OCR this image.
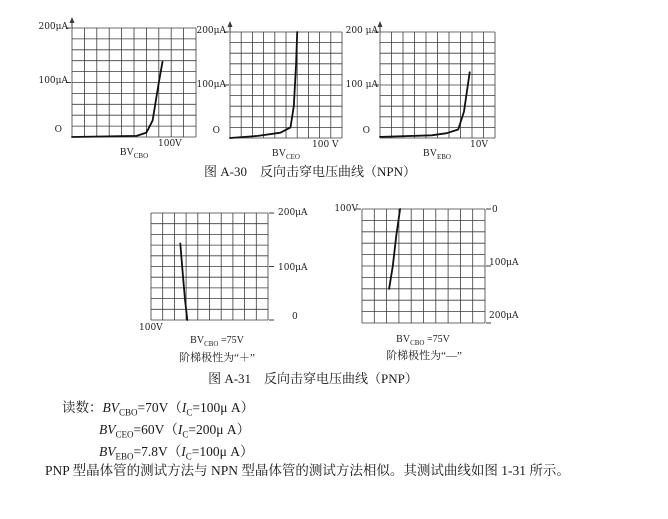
200μA
100μA
O
100V
$BV_{CBO}$
200μA
100μA
O
100 V
$BV_{CEO}$
200 μA
100 μA
O
10V
$BV_{EBO}$
图 A-30　反向击穿电压曲线（NPN）
200μA
100μA
0
100V
$BV_{CBO} =75V$
阶梯极性为“＋”
100V	0
100μA
200μA
$BV_{CBO} =75V$
阶梯极性为“—”
图 A-31　反向击穿电压曲线（PNP）
读数：$BV_{CBO}=70V(I_C=100\mu$ A）
$BV_{CEO}=60V(I_C=200\mu$ A）
$BV_{EBO}=7.8V(I_C=100\mu$ A）
PNP 型晶体管的测试方法与 NPN 型晶体管的测试方法相似。其测试曲线如图 1-31 所示。
